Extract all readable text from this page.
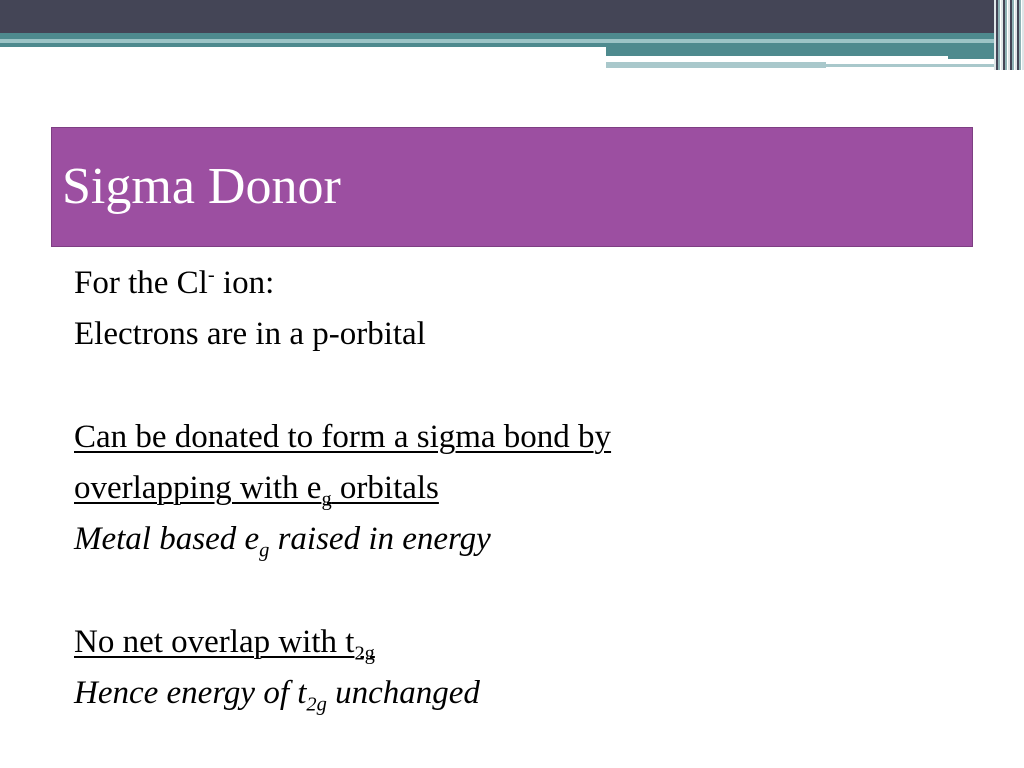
Sigma Donor
For the Cl- ion:
Electrons are in a p-orbital
Can be donated to form a sigma bond by
overlapping with $e_g$ orbitals
Metal based $e_g$ raised in energy
No net overlap with $t_{2g}$
Hence energy of $t_{2g}$ unchanged
